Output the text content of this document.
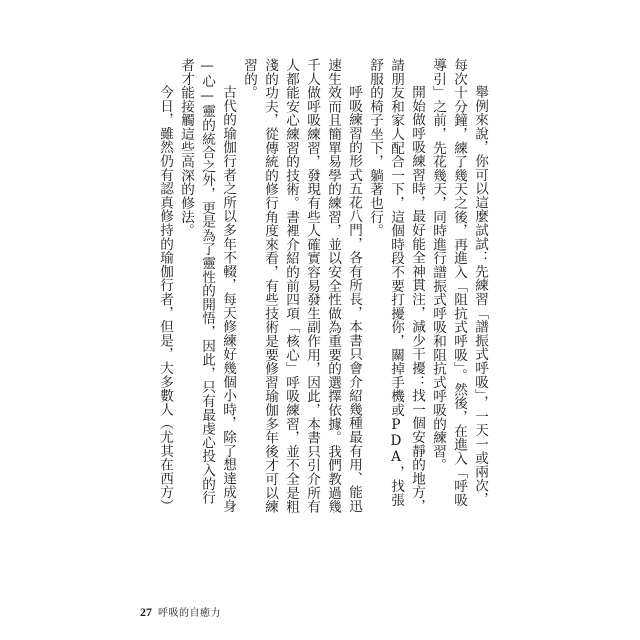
舉例來說，你可以這麼試試：先練習「譜振式呼吸」，一天一或兩次，每次十分鐘，練了幾天之後，再進入「阻抗式呼吸」。然後，在進入「呼吸導引」之前，先花幾天，同時進行譜振式呼吸和阻抗式呼吸的練習。

開始做呼吸練習時，最好能全神貫注，減少干擾：找一個安靜的地方，請朋友和家人配合一下，這個時段不要打擾你，關掉手機或PDA，找張舒服的椅子坐下，躺著也行。

呼吸練習的形式五花八門，各有所長，本書只會介紹幾種最有用、能迅速生效而且簡單易學的練習，並以安全性做為重要的選擇依據。我們教過幾千人做呼吸練習，發現有些人確實容易發生副作用，因此，本書只引介所有人都能安心練習的技術。書裡介紹的前四項「核心」呼吸練習，並不全是粗淺的功夫，從傳統的修行角度來看，有些技術是要修習瑜伽多年後才可以練習的。

古代的瑜伽行者之所以多年不輟，每天修練好幾個小時，除了想達成身—心—靈的統合之外，更是為了靈性的開悟，因此，只有最虔心投入的行者才能接觸這些高深的修法。

今日，雖然仍有認真修持的瑜伽行者，但是，大多數人（尤其在西方）

27 呼吸的自癒力
